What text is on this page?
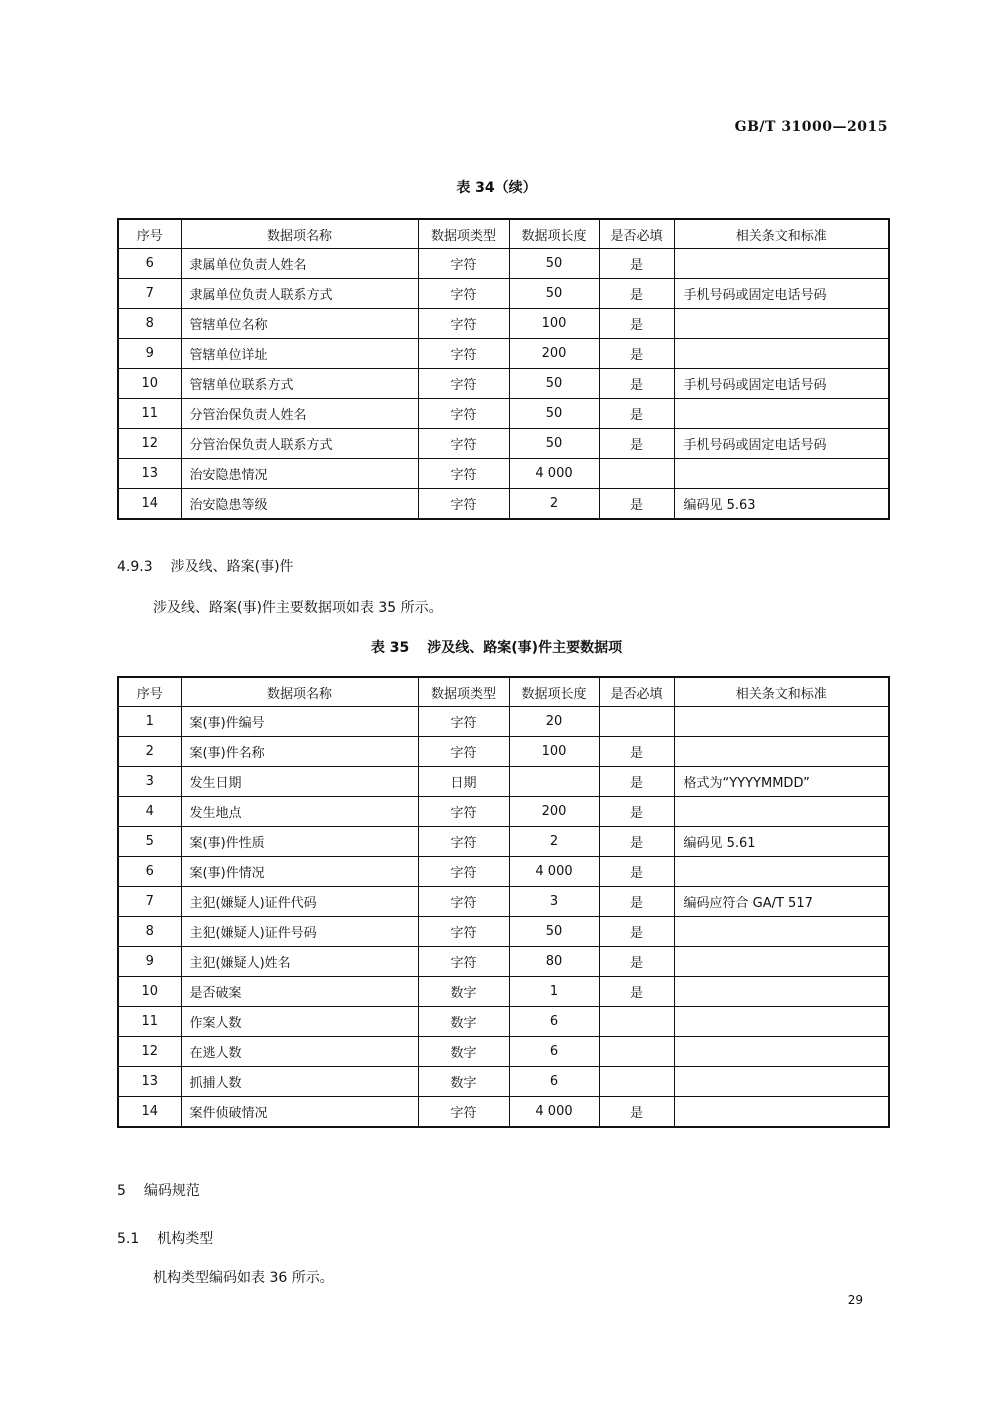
GB/T 31000—2015
表 34（续）
序号	数据项名称	数据项类型	数据项长度	是否必填	相关条文和标准
6	隶属单位负责人姓名	字符	50	是	
7	隶属单位负责人联系方式	字符	50	是	手机号码或固定电话号码
8	管辖单位名称	字符	100	是	
9	管辖单位详址	字符	200	是	
10	管辖单位联系方式	字符	50	是	手机号码或固定电话号码
11	分管治保负责人姓名	字符	50	是	
12	分管治保负责人联系方式	字符	50	是	手机号码或固定电话号码
13	治安隐患情况	字符	4 000		
14	治安隐患等级	字符	2	是	编码见 5.63
4.9.3 涉及线、路案(事)件
涉及线、路案(事)件主要数据项如表 35 所示。
表 35 涉及线、路案(事)件主要数据项
序号	数据项名称	数据项类型	数据项长度	是否必填	相关条文和标准
1	案(事)件编号	字符	20		
2	案(事)件名称	字符	100	是	
3	发生日期	日期		是	格式为“YYYYMMDD”
4	发生地点	字符	200	是	
5	案(事)件性质	字符	2	是	编码见 5.61
6	案(事)件情况	字符	4 000	是	
7	主犯(嫌疑人)证件代码	字符	3	是	编码应符合 GA/T 517
8	主犯(嫌疑人)证件号码	字符	50	是	
9	主犯(嫌疑人)姓名	字符	80	是	
10	是否破案	数字	1	是	
11	作案人数	数字	6		
12	在逃人数	数字	6		
13	抓捕人数	数字	6		
14	案件侦破情况	字符	4 000	是	
5 编码规范
5.1 机构类型
机构类型编码如表 36 所示。
29
